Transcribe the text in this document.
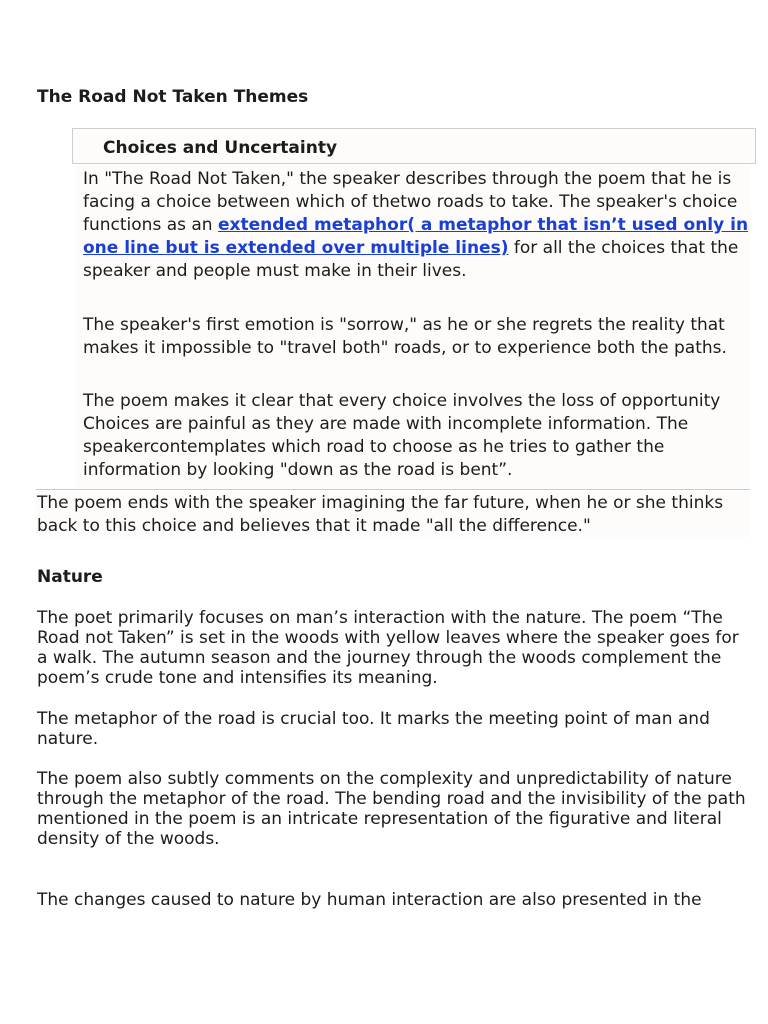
The Road Not Taken Themes
Choices and Uncertainty

In "The Road Not Taken," the speaker describes through the poem that he is facing a choice between which of thetwo roads to take. The speaker's choice functions as an extended metaphor( a metaphor that isn’t used only in one line but is extended over multiple lines) for all the choices that the speaker and people must make in their lives.

The speaker's first emotion is "sorrow," as he or she regrets the reality that makes it impossible to "travel both" roads, or to experience both the paths.

The poem makes it clear that every choice involves the loss of opportunity Choices are painful as they are made with incomplete information. The speakercontemplates which road to choose as he tries to gather the information by looking "down as the road is bent”.

The poem ends with the speaker imagining the far future, when he or she thinks back to this choice and believes that it made "all the difference."

Nature

The poet primarily focuses on man’s interaction with the nature. The poem “The Road not Taken” is set in the woods with yellow leaves where the speaker goes for a walk. The autumn season and the journey through the woods complement the poem’s crude tone and intensifies its meaning.

The metaphor of the road is crucial too. It marks the meeting point of man and nature.

The poem also subtly comments on the complexity and unpredictability of nature through the metaphor of the road. The bending road and the invisibility of the path mentioned in the poem is an intricate representation of the figurative and literal density of the woods.

The changes caused to nature by human interaction are also presented in the
